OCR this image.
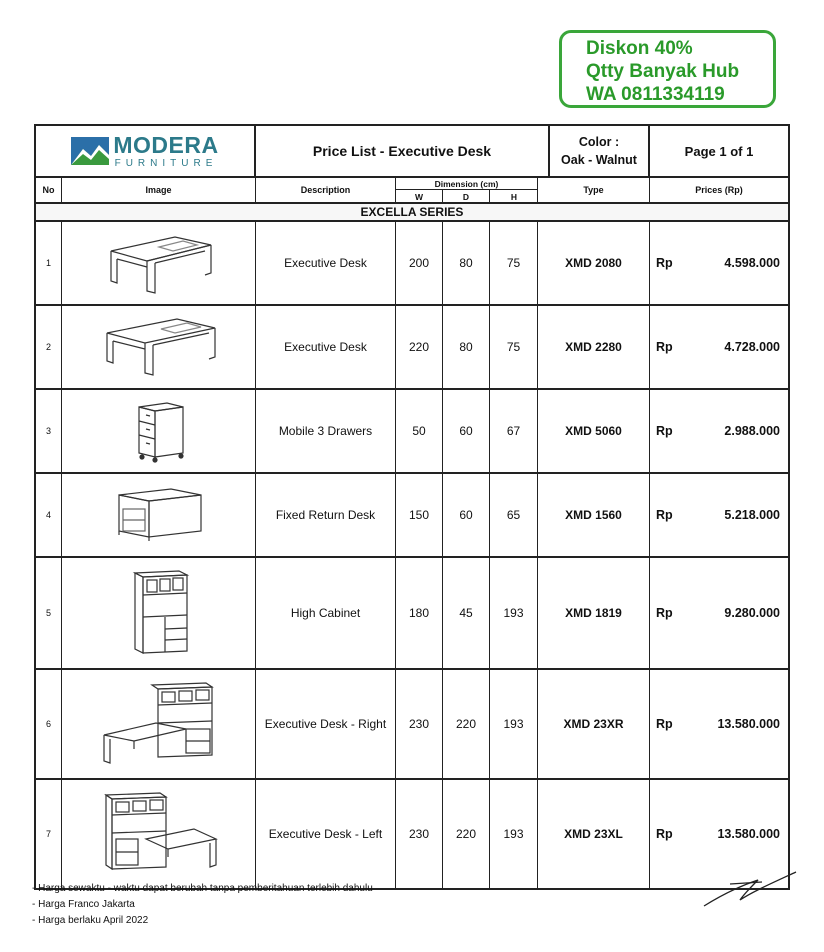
Diskon 40%
Qtty Banyak Hub
WA 0811334119
MODERA
FURNITURE
Price List - Executive Desk
Color :
Oak - Walnut
Page 1 of 1
No	Image	Description
Dimension (cm)
W	D	H
Type	Prices (Rp)
EXCELLA SERIES
1	Executive Desk	200	80	75	XMD 2080	Rp	4.598.000
2	Executive Desk	220	80	75	XMD 2280	Rp	4.728.000
3	Mobile 3 Drawers	50	60	67	XMD 5060	Rp	2.988.000
4	Fixed Return Desk	150	60	65	XMD 1560	Rp	5.218.000
5	High Cabinet	180	45	193	XMD 1819	Rp	9.280.000
6	Executive Desk - Right	230	220	193	XMD 23XR	Rp	13.580.000
7	Executive Desk - Left	230	220	193	XMD 23XL	Rp	13.580.000
- Harga sewaktu - waktu dapat berubah tanpa pemberitahuan terlebih dahulu
- Harga Franco Jakarta
- Harga berlaku April 2022
